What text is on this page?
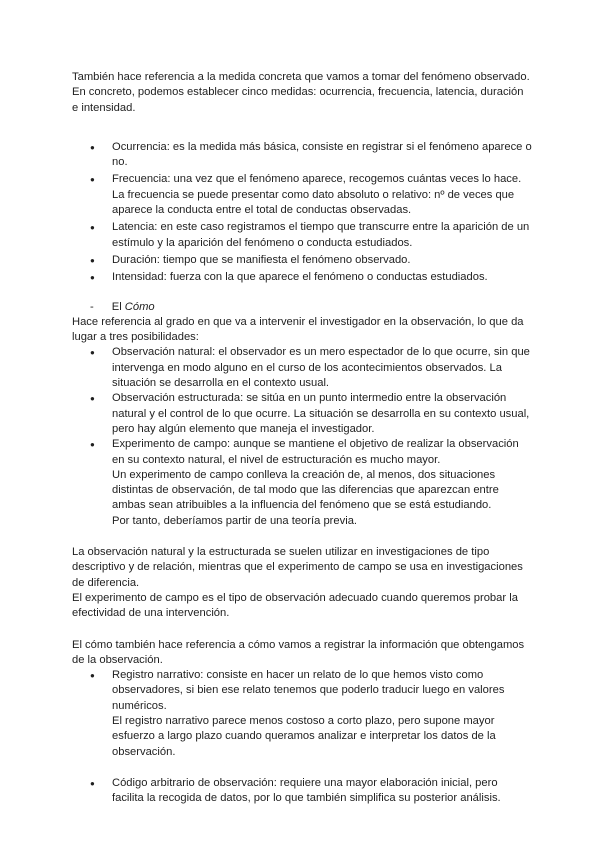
También hace referencia a la medida concreta que vamos a tomar del fenómeno observado. En concreto, podemos establecer cinco medidas: ocurrencia, frecuencia, latencia, duración e intensidad.

● Ocurrencia: es la medida más básica, consiste en registrar si el fenómeno aparece o no.
● Frecuencia: una vez que el fenómeno aparece, recogemos cuántas veces lo hace. La frecuencia se puede presentar como dato absoluto o relativo: nº de veces que aparece la conducta entre el total de conductas observadas.
● Latencia: en este caso registramos el tiempo que transcurre entre la aparición de un estímulo y la aparición del fenómeno o conducta estudiados.
● Duración: tiempo que se manifiesta el fenómeno observado.
● Intensidad: fuerza con la que aparece el fenómeno o conductas estudiados.

- El Cómo

Hace referencia al grado en que va a intervenir el investigador en la observación, lo que da lugar a tres posibilidades:

● Observación natural: el observador es un mero espectador de lo que ocurre, sin que intervenga en modo alguno en el curso de los acontecimientos observados. La situación se desarrolla en el contexto usual.
● Observación estructurada: se sitúa en un punto intermedio entre la observación natural y el control de lo que ocurre. La situación se desarrolla en su contexto usual, pero hay algún elemento que maneja el investigador.
● Experimento de campo: aunque se mantiene el objetivo de realizar la observación en su contexto natural, el nivel de estructuración es mucho mayor.
Un experimento de campo conlleva la creación de, al menos, dos situaciones distintas de observación, de tal modo que las diferencias que aparezcan entre ambas sean atribuibles a la influencia del fenómeno que se está estudiando.
Por tanto, deberíamos partir de una teoría previa.

La observación natural y la estructurada se suelen utilizar en investigaciones de tipo descriptivo y de relación, mientras que el experimento de campo se usa en investigaciones de diferencia.

El experimento de campo es el tipo de observación adecuado cuando queremos probar la efectividad de una intervención.

El cómo también hace referencia a cómo vamos a registrar la información que obtengamos de la observación.

● Registro narrativo: consiste en hacer un relato de lo que hemos visto como observadores, si bien ese relato tenemos que poderlo traducir luego en valores numéricos.
El registro narrativo parece menos costoso a corto plazo, pero supone mayor esfuerzo a largo plazo cuando queramos analizar e interpretar los datos de la observación.
● Código arbitrario de observación: requiere una mayor elaboración inicial, pero facilita la recogida de datos, por lo que también simplifica su posterior análisis.
